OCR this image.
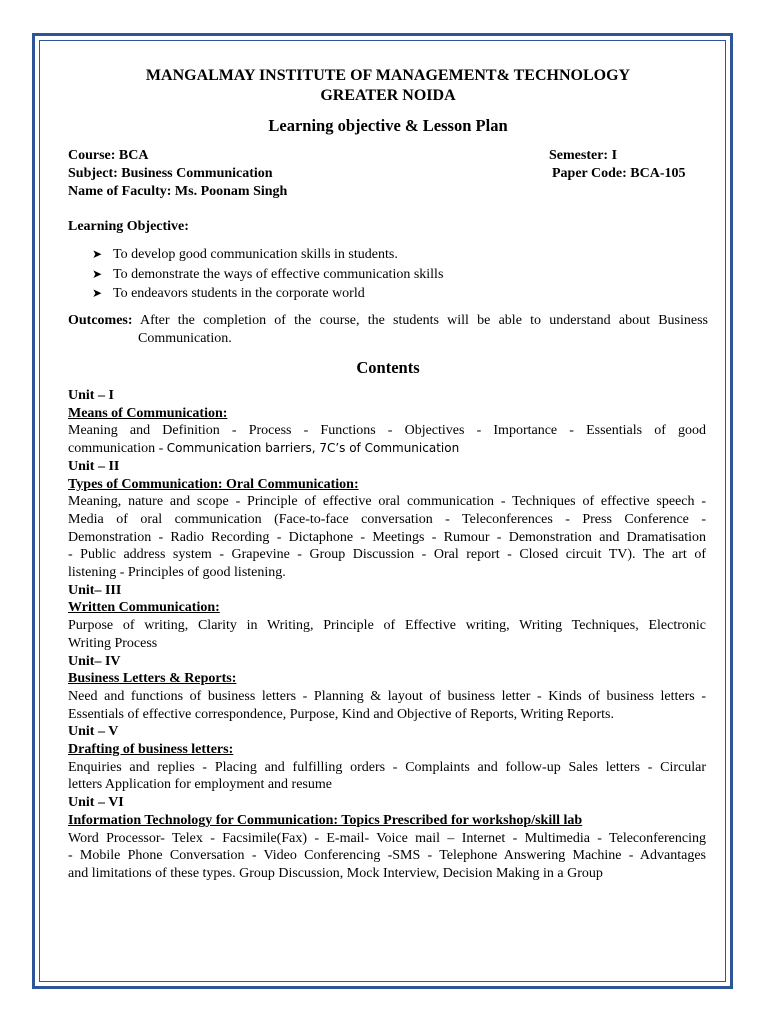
MANGALMAY INSTITUTE OF MANAGEMENT& TECHNOLOGY
GREATER NOIDA
Learning objective & Lesson Plan
Course: BCA
Subject: Business Communication
Name of Faculty: Ms. Poonam Singh
Semester: I
Paper Code: BCA-105
Learning Objective:
➤ To develop good communication skills in students.
➤ To demonstrate the ways of effective communication skills
➤ To endeavors students in the corporate world
Outcomes: After the completion of the course, the students will be able to understand about Business
Communication.
Contents
Unit – I
Means of Communication:
Meaning and Definition - Process - Functions - Objectives - Importance - Essentials of good
communication - Communication barriers, 7C’s of Communication
Unit – II
Types of Communication: Oral Communication:
Meaning, nature and scope - Principle of effective oral communication - Techniques of effective speech -
Media of oral communication (Face-to-face conversation - Teleconferences - Press Conference -
Demonstration - Radio Recording - Dictaphone - Meetings - Rumour - Demonstration and Dramatisation
- Public address system - Grapevine - Group Discussion - Oral report - Closed circuit TV). The art of
listening - Principles of good listening.
Unit– III
Written Communication:
Purpose of writing, Clarity in Writing, Principle of Effective writing, Writing Techniques, Electronic
Writing Process
Unit– IV
Business Letters & Reports:
Need and functions of business letters - Planning & layout of business letter - Kinds of business letters -
Essentials of effective correspondence, Purpose, Kind and Objective of Reports, Writing Reports.
Unit – V
Drafting of business letters:
Enquiries and replies - Placing and fulfilling orders - Complaints and follow-up Sales letters - Circular
letters Application for employment and resume
Unit – VI
Information Technology for Communication: Topics Prescribed for workshop/skill lab
Word Processor- Telex - Facsimile(Fax) - E-mail- Voice mail – Internet - Multimedia - Teleconferencing
- Mobile Phone Conversation - Video Conferencing -SMS - Telephone Answering Machine - Advantages
and limitations of these types. Group Discussion, Mock Interview, Decision Making in a Group
